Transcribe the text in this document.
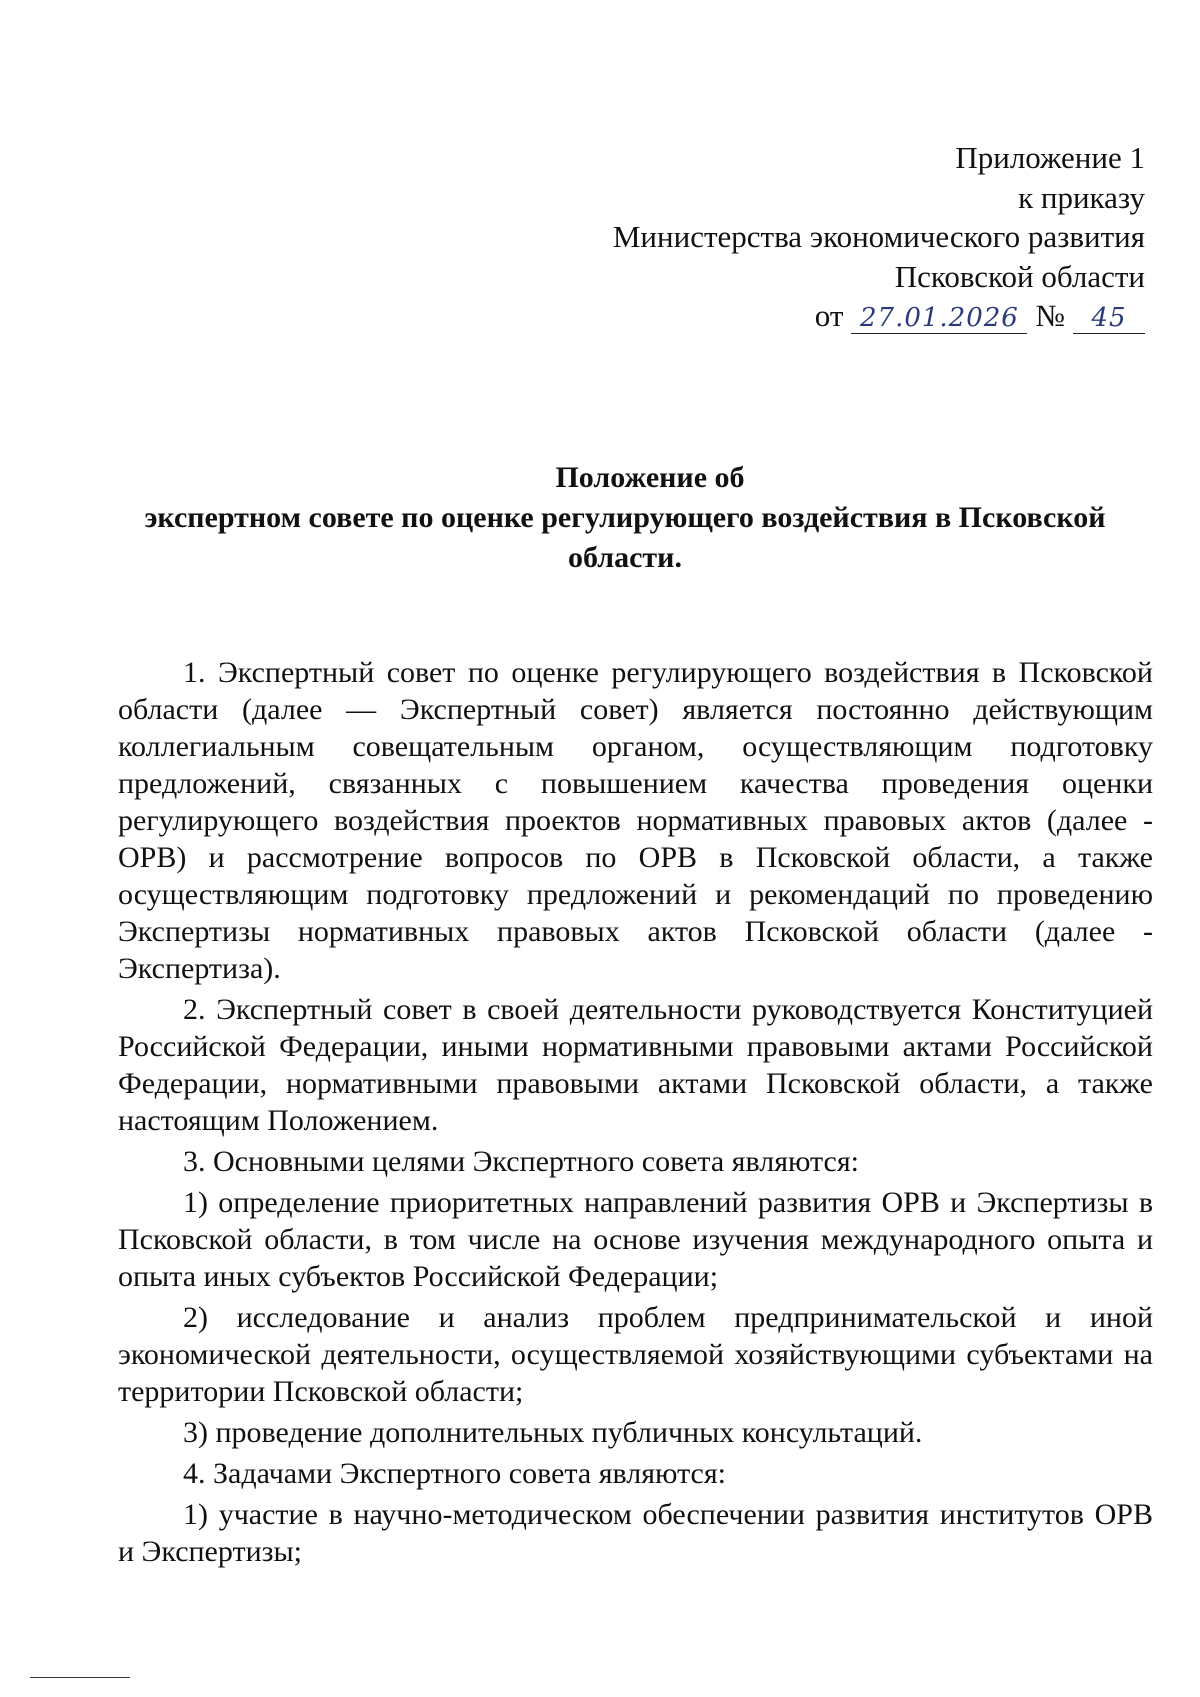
Приложение 1
к приказу
Министерства экономического развития
Псковской области
от 27.01.2026 № 45
Положение об
экспертном совете по оценке регулирующего воздействия в Псковской
области.

1. Экспертный совет по оценке регулирующего воздействия в Псковской области (далее — Экспертный совет) является постоянно действующим коллегиальным совещательным органом, осуществляющим подготовку предложений, связанных с повышением качества проведения оценки регулирующего воздействия проектов нормативных правовых актов (далее - ОРВ) и рассмотрение вопросов по ОРВ в Псковской области, а также осуществляющим подготовку предложений и рекомендаций по проведению Экспертизы нормативных правовых актов Псковской области (далее - Экспертиза).

2. Экспертный совет в своей деятельности руководствуется Конституцией Российской Федерации, иными нормативными правовыми актами Российской Федерации, нормативными правовыми актами Псковской области, а также настоящим Положением.

3. Основными целями Экспертного совета являются:

1) определение приоритетных направлений развития ОРВ и Экспертизы в Псковской области, в том числе на основе изучения международного опыта и опыта иных субъектов Российской Федерации;

2) исследование и анализ проблем предпринимательской и иной экономической деятельности, осуществляемой хозяйствующими субъектами на территории Псковской области;

3) проведение дополнительных публичных консультаций.

4. Задачами Экспертного совета являются:

1) участие в научно-методическом обеспечении развития институтов ОРВ и Экспертизы;
